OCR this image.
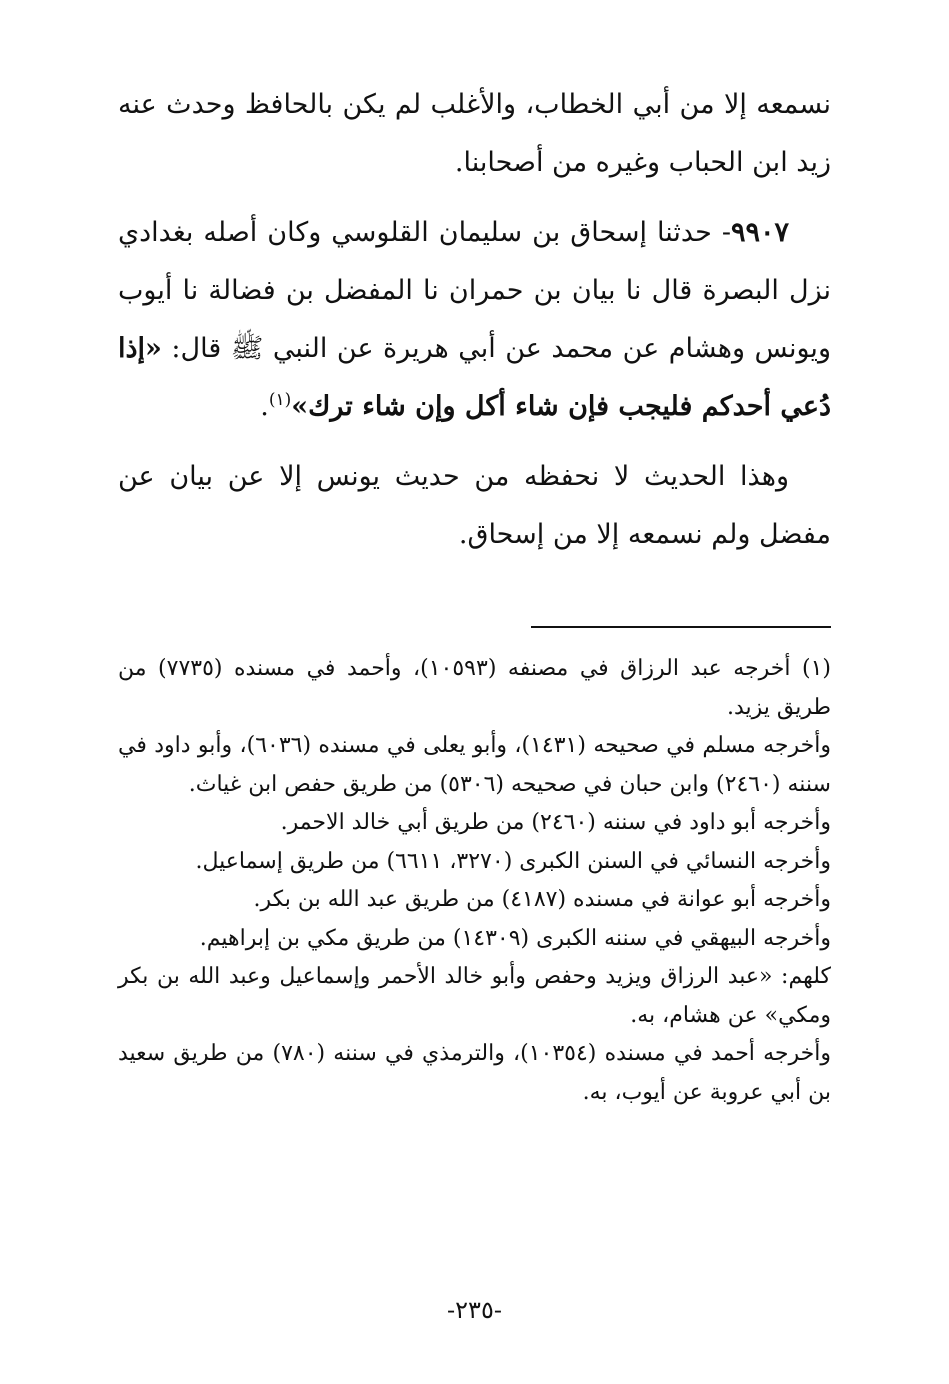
نسمعه إلا من أبي الخطاب، والأغلب لم يكن بالحافظ وحدث عنه زيد ابن الحباب وغيره من أصحابنا.

٩٩٠٧- حدثنا إسحاق بن سليمان القلوسي وكان أصله بغدادي نزل البصرة قال نا بيان بن حمران نا المفضل بن فضالة نا أيوب ويونس وهشام عن محمد عن أبي هريرة عن النبي ﷺ قال: «إذا دُعي أحدكم فليجب فإن شاء أكل وإن شاء ترك»$^{(١)}$.

وهذا الحديث لا نحفظه من حديث يونس إلا عن بيان عن مفضل ولم نسمعه إلا من إسحاق.

(١) أخرجه عبد الرزاق في مصنفه (١٠٥٩٣)، وأحمد في مسنده (٧٧٣٥) من طريق يزيد.

وأخرجه مسلم في صحيحه (١٤٣١)، وأبو يعلى في مسنده (٦٠٣٦)، وأبو داود في سننه (٢٤٦٠) وابن حبان في صحيحه (٥٣٠٦) من طريق حفص ابن غياث.

وأخرجه أبو داود في سننه (٢٤٦٠) من طريق أبي خالد الاحمر.

وأخرجه النسائي في السنن الكبرى (٣٢٧٠، ٦٦١١) من طريق إسماعيل.

وأخرجه أبو عوانة في مسنده (٤١٨٧) من طريق عبد الله بن بكر.

وأخرجه البيهقي في سننه الكبرى (١٤٣٠٩) من طريق مكي بن إبراهيم.

كلهم: «عبد الرزاق ويزيد وحفص وأبو خالد الأحمر وإسماعيل وعبد الله بن بكر ومكي» عن هشام، به.

وأخرجه أحمد في مسنده (١٠٣٥٤)، والترمذي في سننه (٧٨٠) من طريق سعيد بن أبي عروبة عن أيوب، به.

-٢٣٥-
